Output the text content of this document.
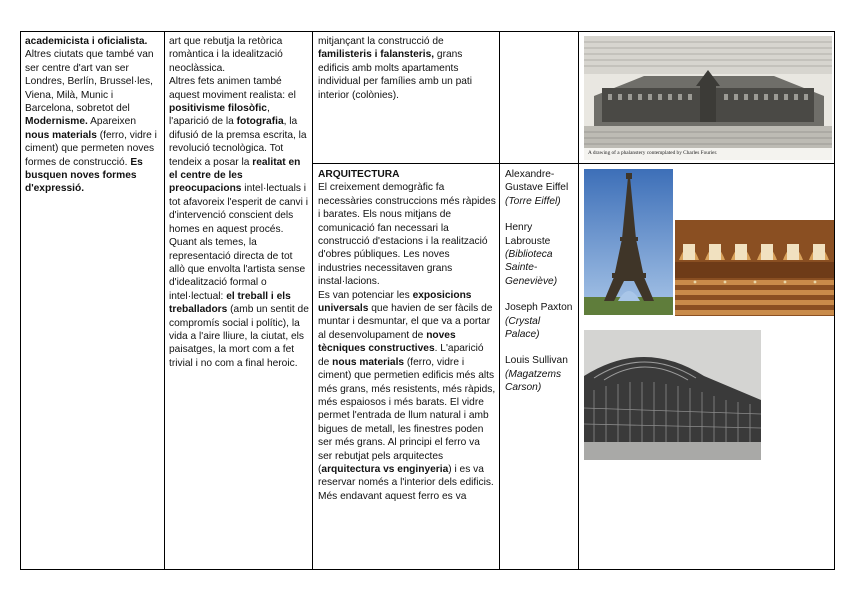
academicista i oficialista. Altres ciutats que també van ser centre d'art van ser Londres, Berlín, Brussel·les, Viena, Milà, Munic i Barcelona, sobretot del Modernisme. Apareixen nous materials (ferro, vidre i ciment) que permeten noves formes de construcció. Es busquen noves formes d'expressió.

art que rebutja la retòrica romàntica i la idealització neoclàssica.

Altres fets animen també aquest moviment realista: el positivisme filosòfic, l'aparició de la fotografia, la difusió de la premsa escrita, la revolució tecnològica. Tot tendeix a posar la realitat en el centre de les preocupacions intel·lectuals i tot afavoreix l'esperit de canvi i d'intervenció conscient dels homes en aquest procés. Quant als temes, la representació directa de tot allò que envolta l'artista sense d'idealització formal o intel·lectual: el treball i els treballadors (amb un sentit de compromís social i polític), la vida a l'aire lliure, la ciutat, els paisatges, la mort com a fet trivial i no com a final heroic.

mitjançant la construcció de familisteris i falansteris, grans edificis amb molts apartaments individual per famílies amb un pati interior (colònies).

ARQUITECTURA

El creixement demogràfic fa necessàries construccions més ràpides i barates. Els nous mitjans de comunicació fan necessari la construcció d'estacions i la realització d'obres públiques. Les noves industries necessitaven grans instal·lacions.

Es van potenciar les exposicions universals que havien de ser fàcils de muntar i desmuntar, el que va a portar al desenvolupament de noves tècniques constructives. L'aparició de nous materials (ferro, vidre i ciment) que permetien edificis més alts més grans, més resistents, més ràpids, més espaiosos i més barats. El vidre permet l'entrada de llum natural i amb bigues de metall, les finestres poden ser més grans. Al principi el ferro va ser rebutjat pels arquitectes (arquitectura vs enginyeria) i es va reservar només a l'interior dels edificis. Més endavant aquest ferro es va

Alexandre-Gustave Eiffel

(Torre Eiffel)

Henry Labrouste

(Biblioteca Sainte-Geneviève)

Joseph Paxton

(Crystal Palace)

Louis Sullivan

(Magatzems Carson)

A drawing of a phalanstery contemplated by Charles Fourier.
